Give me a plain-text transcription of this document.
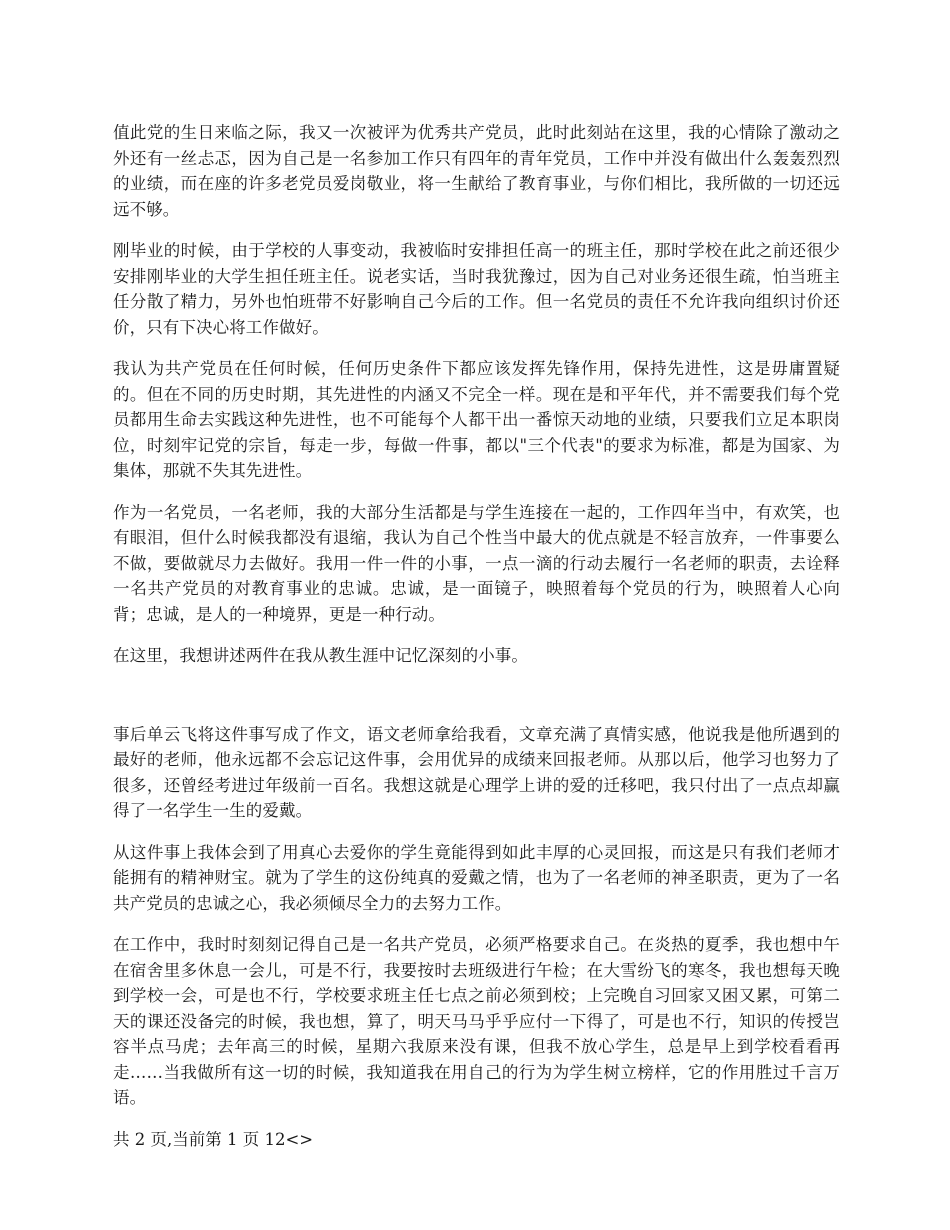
值此党的生日来临之际，我又一次被评为优秀共产党员，此时此刻站在这里，我的心情除了激动之外还有一丝忐忑，因为自己是一名参加工作只有四年的青年党员，工作中并没有做出什么轰轰烈烈的业绩，而在座的许多老党员爱岗敬业，将一生献给了教育事业，与你们相比，我所做的一切还远远不够。

刚毕业的时候，由于学校的人事变动，我被临时安排担任高一的班主任，那时学校在此之前还很少安排刚毕业的大学生担任班主任。说老实话，当时我犹豫过，因为自己对业务还很生疏，怕当班主任分散了精力，另外也怕班带不好影响自己今后的工作。但一名党员的责任不允许我向组织讨价还价，只有下决心将工作做好。

我认为共产党员在任何时候，任何历史条件下都应该发挥先锋作用，保持先进性，这是毋庸置疑的。但在不同的历史时期，其先进性的内涵又不完全一样。现在是和平年代，并不需要我们每个党员都用生命去实践这种先进性，也不可能每个人都干出一番惊天动地的业绩，只要我们立足本职岗位，时刻牢记党的宗旨，每走一步，每做一件事，都以"三个代表"的要求为标准，都是为国家、为集体，那就不失其先进性。

作为一名党员，一名老师，我的大部分生活都是与学生连接在一起的，工作四年当中，有欢笑，也有眼泪，但什么时候我都没有退缩，我认为自己个性当中最大的优点就是不轻言放弃，一件事要么不做，要做就尽力去做好。我用一件一件的小事，一点一滴的行动去履行一名老师的职责，去诠释一名共产党员的对教育事业的忠诚。忠诚，是一面镜子，映照着每个党员的行为，映照着人心向背；忠诚，是人的一种境界，更是一种行动。

在这里，我想讲述两件在我从教生涯中记忆深刻的小事。

事后单云飞将这件事写成了作文，语文老师拿给我看，文章充满了真情实感，他说我是他所遇到的最好的老师，他永远都不会忘记这件事，会用优异的成绩来回报老师。从那以后，他学习也努力了很多，还曾经考进过年级前一百名。我想这就是心理学上讲的爱的迁移吧，我只付出了一点点却赢得了一名学生一生的爱戴。

从这件事上我体会到了用真心去爱你的学生竟能得到如此丰厚的心灵回报，而这是只有我们老师才能拥有的精神财宝。就为了学生的这份纯真的爱戴之情，也为了一名老师的神圣职责，更为了一名共产党员的忠诚之心，我必须倾尽全力的去努力工作。

在工作中，我时时刻刻记得自己是一名共产党员，必须严格要求自己。在炎热的夏季，我也想中午在宿舍里多休息一会儿，可是不行，我要按时去班级进行午检；在大雪纷飞的寒冬，我也想每天晚到学校一会，可是也不行，学校要求班主任七点之前必须到校；上完晚自习回家又困又累，可第二天的课还没备完的时候，我也想，算了，明天马马乎乎应付一下得了，可是也不行，知识的传授岂容半点马虎；去年高三的时候，星期六我原来没有课，但我不放心学生，总是早上到学校看看再走……当我做所有这一切的时候，我知道我在用自己的行为为学生树立榜样，它的作用胜过千言万语。

共 2 页,当前第 1 页 12<>
